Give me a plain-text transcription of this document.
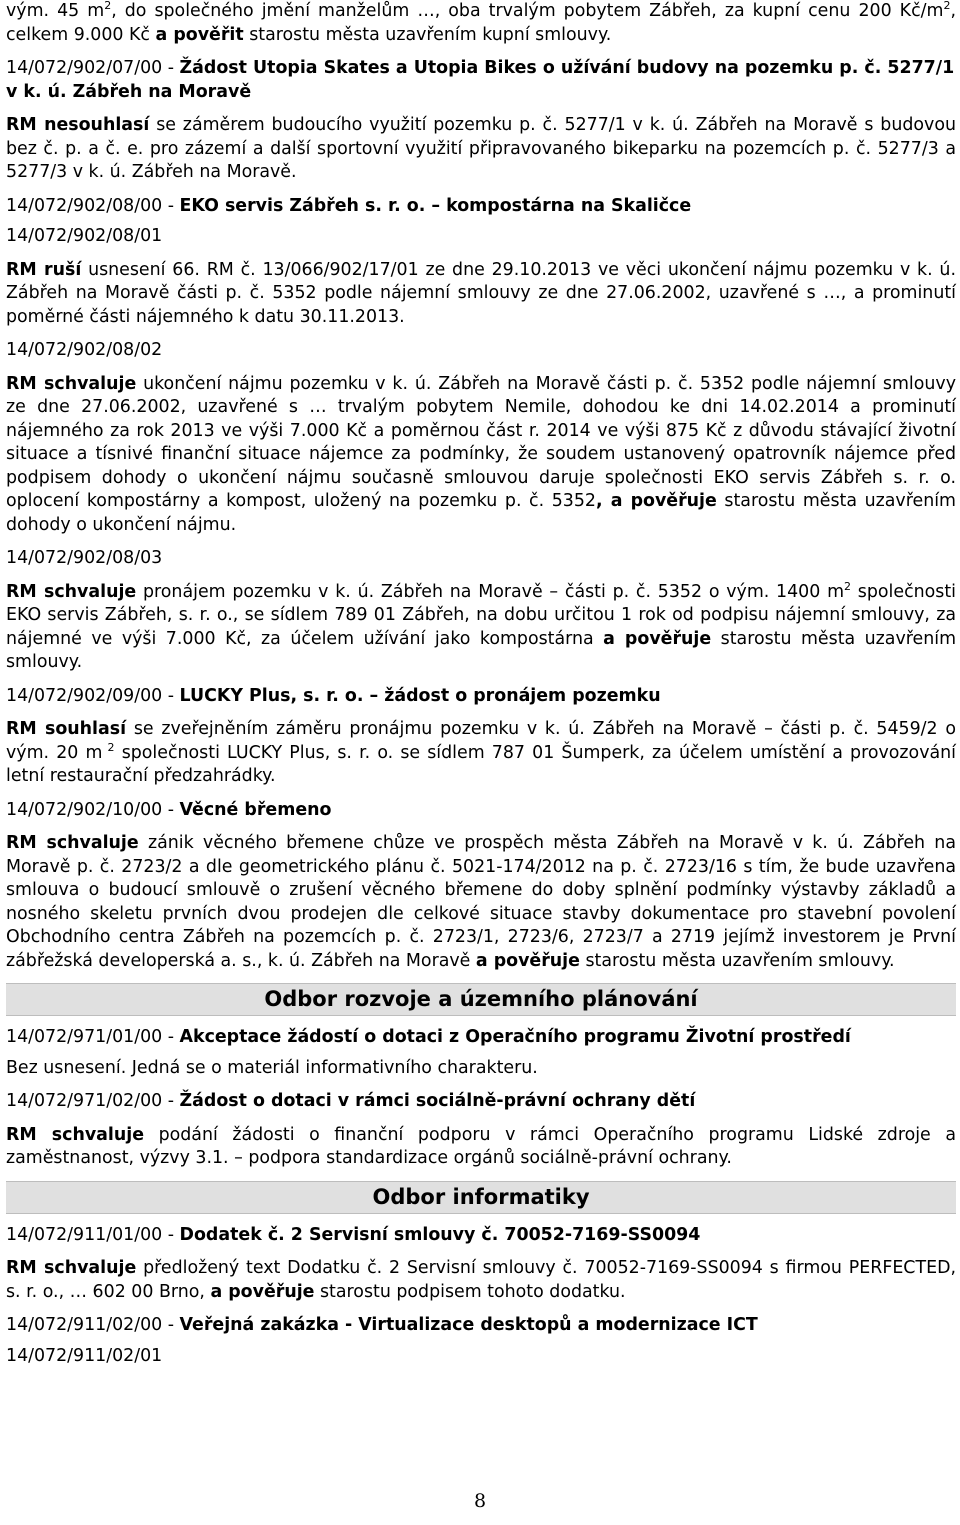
vým. 45 $m^2$, do společného jmění manželům …, oba trvalým pobytem Zábřeh, za kupní cenu 200 $Kč/m^2$, celkem 9.000 Kč a pověřit starostu města uzavřením kupní smlouvy.

14/072/902/07/00 - Žádost Utopia Skates a Utopia Bikes o užívání budovy na pozemku p. č. 5277/1 v k. ú. Zábřeh na Moravě

RM nesouhlasí se záměrem budoucího využití pozemku p. č. 5277/1 v k. ú. Zábřeh na Moravě s budovou bez č. p. a č. e. pro zázemí a další sportovní využití připravovaného bikeparku na pozemcích p. č. 5277/3 a 5277/3 v k. ú. Zábřeh na Moravě.

14/072/902/08/00 - EKO servis Zábřeh s. r. o. – kompostárna na Skaličce

14/072/902/08/01

RM ruší usnesení 66. RM č. 13/066/902/17/01 ze dne 29.10.2013 ve věci ukončení nájmu pozemku v k. ú. Zábřeh na Moravě části p. č. 5352 podle nájemní smlouvy ze dne 27.06.2002, uzavřené s …, a prominutí poměrné části nájemného k datu 30.11.2013.

14/072/902/08/02

RM schvaluje ukončení nájmu pozemku v k. ú. Zábřeh na Moravě části p. č. 5352 podle nájemní smlouvy ze dne 27.06.2002, uzavřené s … trvalým pobytem Nemile, dohodou ke dni 14.02.2014 a prominutí nájemného za rok 2013 ve výši 7.000 Kč a poměrnou část r. 2014 ve výši 875 Kč z důvodu stávající životní situace a tísnivé finanční situace nájemce za podmínky, že soudem ustanovený opatrovník nájemce před podpisem dohody o ukončení nájmu současně smlouvou daruje společnosti EKO servis Zábřeh s. r. o. oplocení kompostárny a kompost, uložený na pozemku p. č. 5352, a pověřuje starostu města uzavřením dohody o ukončení nájmu.

14/072/902/08/03

RM schvaluje pronájem pozemku v k. ú. Zábřeh na Moravě – části p. č. 5352 o vým. 1400 $m^2$ společnosti EKO servis Zábřeh, s. r. o., se sídlem 789 01 Zábřeh, na dobu určitou 1 rok od podpisu nájemní smlouvy, za nájemné ve výši 7.000 Kč, za účelem užívání jako kompostárna a pověřuje starostu města uzavřením smlouvy.

14/072/902/09/00 - LUCKY Plus, s. r. o. – žádost o pronájem pozemku

RM souhlasí se zveřejněním záměru pronájmu pozemku v k. ú. Zábřeh na Moravě – části p. č. 5459/2 o vým. 20 m $^2$ společnosti LUCKY Plus, s. r. o. se sídlem 787 01 Šumperk, za účelem umístění a provozování letní restaurační předzahrádky.

14/072/902/10/00 - Věcné břemeno

RM schvaluje zánik věcného břemene chůze ve prospěch města Zábřeh na Moravě v k. ú. Zábřeh na Moravě p. č. 2723/2 a dle geometrického plánu č. 5021-174/2012 na p. č. 2723/16 s tím, že bude uzavřena smlouva o budoucí smlouvě o zrušení věcného břemene do doby splnění podmínky výstavby základů a nosného skeletu prvních dvou prodejen dle celkové situace stavby dokumentace pro stavební povolení Obchodního centra Zábřeh na pozemcích p. č. 2723/1, 2723/6, 2723/7 a 2719 jejímž investorem je První zábřežská developerská a. s., k. ú. Zábřeh na Moravě a pověřuje starostu města uzavřením smlouvy.

Odbor rozvoje a územního plánování

14/072/971/01/00 - Akceptace žádostí o dotaci z Operačního programu Životní prostředí

Bez usnesení. Jedná se o materiál informativního charakteru.

14/072/971/02/00 - Žádost o dotaci v rámci sociálně-právní ochrany dětí

RM schvaluje podání žádosti o finanční podporu v rámci Operačního programu Lidské zdroje a zaměstnanost, výzvy 3.1. – podpora standardizace orgánů sociálně-právní ochrany.

Odbor informatiky

14/072/911/01/00 - Dodatek č. 2 Servisní smlouvy č. 70052-7169-SS0094

RM schvaluje předložený text Dodatku č. 2 Servisní smlouvy č. 70052-7169-SS0094 s firmou PERFECTED, s. r. o., … 602 00 Brno, a pověřuje starostu podpisem tohoto dodatku.

14/072/911/02/00 - Veřejná zakázka - Virtualizace desktopů a modernizace ICT

14/072/911/02/01

8
